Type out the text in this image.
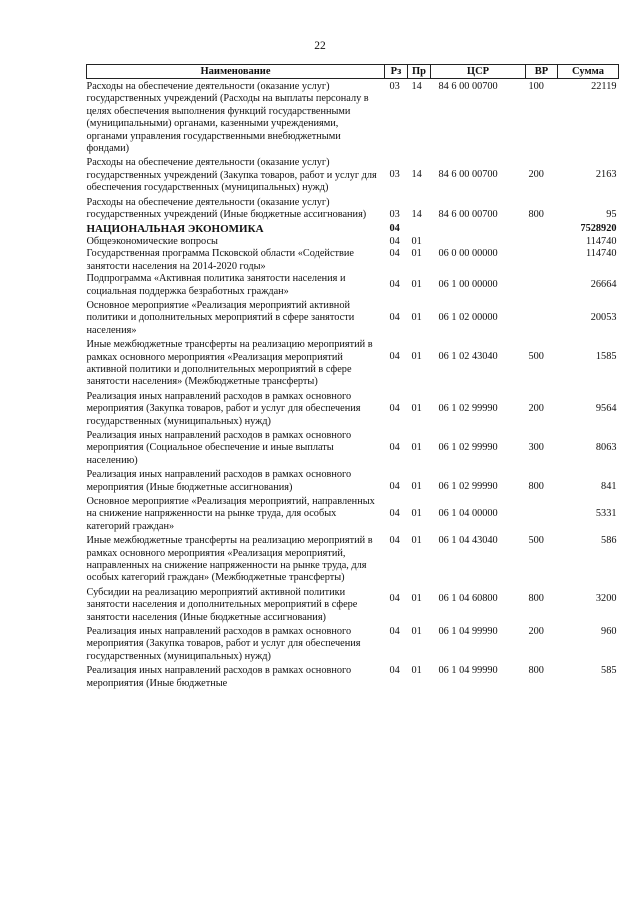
22
Наименование	Рз	Пр	ЦСР	ВР	Сумма
Расходы на обеспечение деятельности (оказание услуг) государственных учреждений (Расходы на выплаты персоналу в целях обеспечения выполнения функций государственными (муниципальными) органами, казенными учреждениями, органами управления государственными внебюджетными фондами)	03	14	84 6 00 00700	100	22119
Расходы на обеспечение деятельности (оказание услуг) государственных учреждений (Закупка товаров, работ и услуг для обеспечения государственных (муниципальных) нужд)	03	14	84 6 00 00700	200	2163
Расходы на обеспечение деятельности (оказание услуг) государственных учреждений (Иные бюджетные ассигнования)	03	14	84 6 00 00700	800	95
НАЦИОНАЛЬНАЯ ЭКОНОМИКА	04				7528920
Общеэкономические вопросы	04	01			114740
Государственная программа Псковской области «Содействие занятости населения на 2014-2020 годы»	04	01	06 0 00 00000		114740
Подпрограмма «Активная политика занятости населения и социальная поддержка безработных граждан»	04	01	06 1 00 00000		26664
Основное мероприятие «Реализация мероприятий активной политики и дополнительных мероприятий в сфере занятости населения»	04	01	06 1 02 00000		20053
Иные межбюджетные трансферты на реализацию мероприятий в рамках основного мероприятия «Реализация мероприятий активной политики и дополнительных мероприятий в сфере занятости населения» (Межбюджетные трансферты)	04	01	06 1 02 43040	500	1585
Реализация иных направлений расходов в рамках основного мероприятия (Закупка товаров, работ и услуг для обеспечения государственных (муниципальных) нужд)	04	01	06 1 02 99990	200	9564
Реализация иных направлений расходов в рамках основного мероприятия (Социальное обеспечение и иные выплаты населению)	04	01	06 1 02 99990	300	8063
Реализация иных направлений расходов в рамках основного мероприятия (Иные бюджетные ассигнования)	04	01	06 1 02 99990	800	841
Основное мероприятие «Реализация мероприятий, направленных на снижение напряженности на рынке труда, для особых категорий граждан»	04	01	06 1 04 00000		5331
Иные межбюджетные трансферты на реализацию мероприятий в рамках основного мероприятия «Реализация мероприятий, направленных на снижение напряженности на рынке труда, для особых категорий граждан» (Межбюджетные трансферты)	04	01	06 1 04 43040	500	586
Субсидии на реализацию мероприятий активной политики занятости населения и дополнительных мероприятий в сфере занятости населения (Иные бюджетные ассигнования)	04	01	06 1 04 60800	800	3200
Реализация иных направлений расходов в рамках основного мероприятия (Закупка товаров, работ и услуг для обеспечения государственных (муниципальных) нужд)	04	01	06 1 04 99990	200	960
Реализация иных направлений расходов в рамках основного мероприятия (Иные бюджетные	04	01	06 1 04 99990	800	585
